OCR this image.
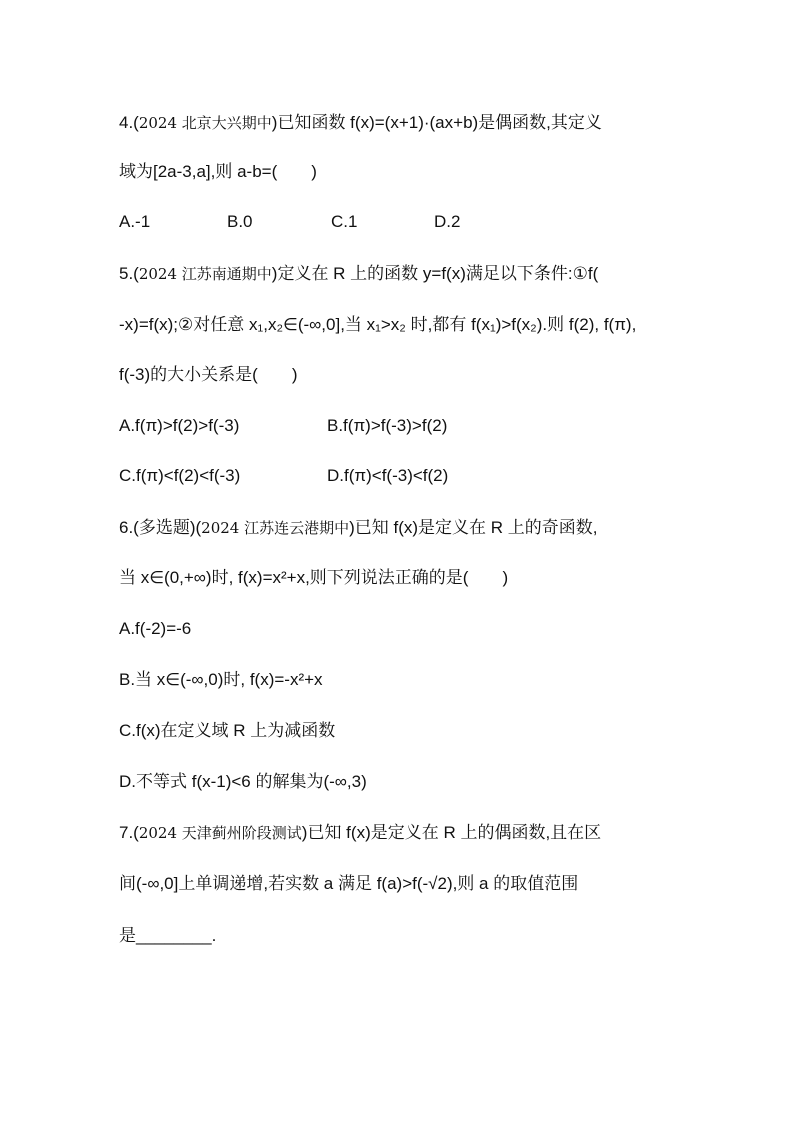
4.(2024 北京大兴期中)已知函数 f(x)=(x+1)·(ax+b)是偶函数,其定义
域为[2a-3,a],则 a-b=(　　)
A.-1	B.0	C.1	D.2
5.(2024 江苏南通期中)定义在 R 上的函数 y=f(x)满足以下条件:①f(
-x)=f(x);②对任意 x₁,x₂∈(-∞,0],当 x₁>x₂ 时,都有 f(x₁)>f(x₂).则 f(2), f(π),
f(-3)的大小关系是(　　)
A.f(π)>f(2)>f(-3)	B.f(π)>f(-3)>f(2)
C.f(π)<f(2)<f(-3)	D.f(π)<f(-3)<f(2)
6.(多选题)(2024 江苏连云港期中)已知 f(x)是定义在 R 上的奇函数,
当 x∈(0,+∞)时, f(x)=x²+x,则下列说法正确的是(　　)
A.f(-2)=-6
B.当 x∈(-∞,0)时, f(x)=-x²+x
C.f(x)在定义域 R 上为减函数
D.不等式 f(x-1)<6 的解集为(-∞,3)
7.(2024 天津蓟州阶段测试)已知 f(x)是定义在 R 上的偶函数,且在区
间(-∞,0]上单调递增,若实数 a 满足 f(a)>f(-√2),则 a 的取值范围
是________.
